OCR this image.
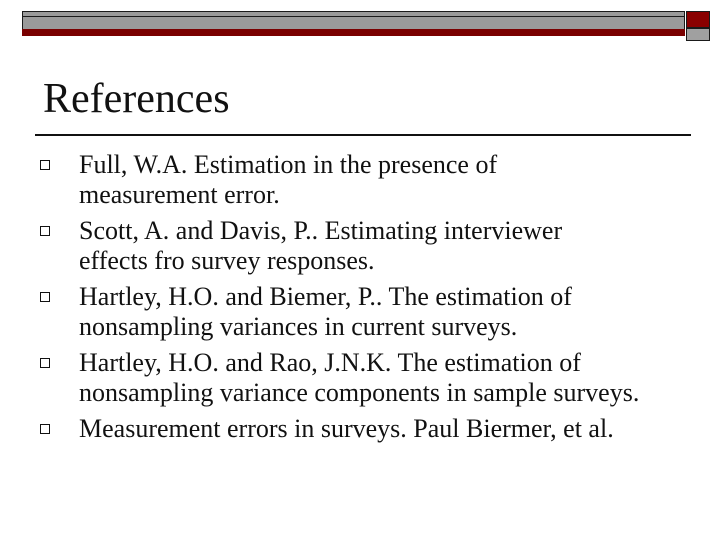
References
Full, W.A. Estimation in the presence of
measurement error.
Scott, A. and Davis, P.. Estimating interviewer
effects fro survey responses.
Hartley, H.O. and Biemer, P.. The estimation of
nonsampling variances in current surveys.
Hartley, H.O. and Rao, J.N.K. The estimation of
nonsampling variance components in sample surveys.
Measurement errors in surveys. Paul Biermer, et al.
